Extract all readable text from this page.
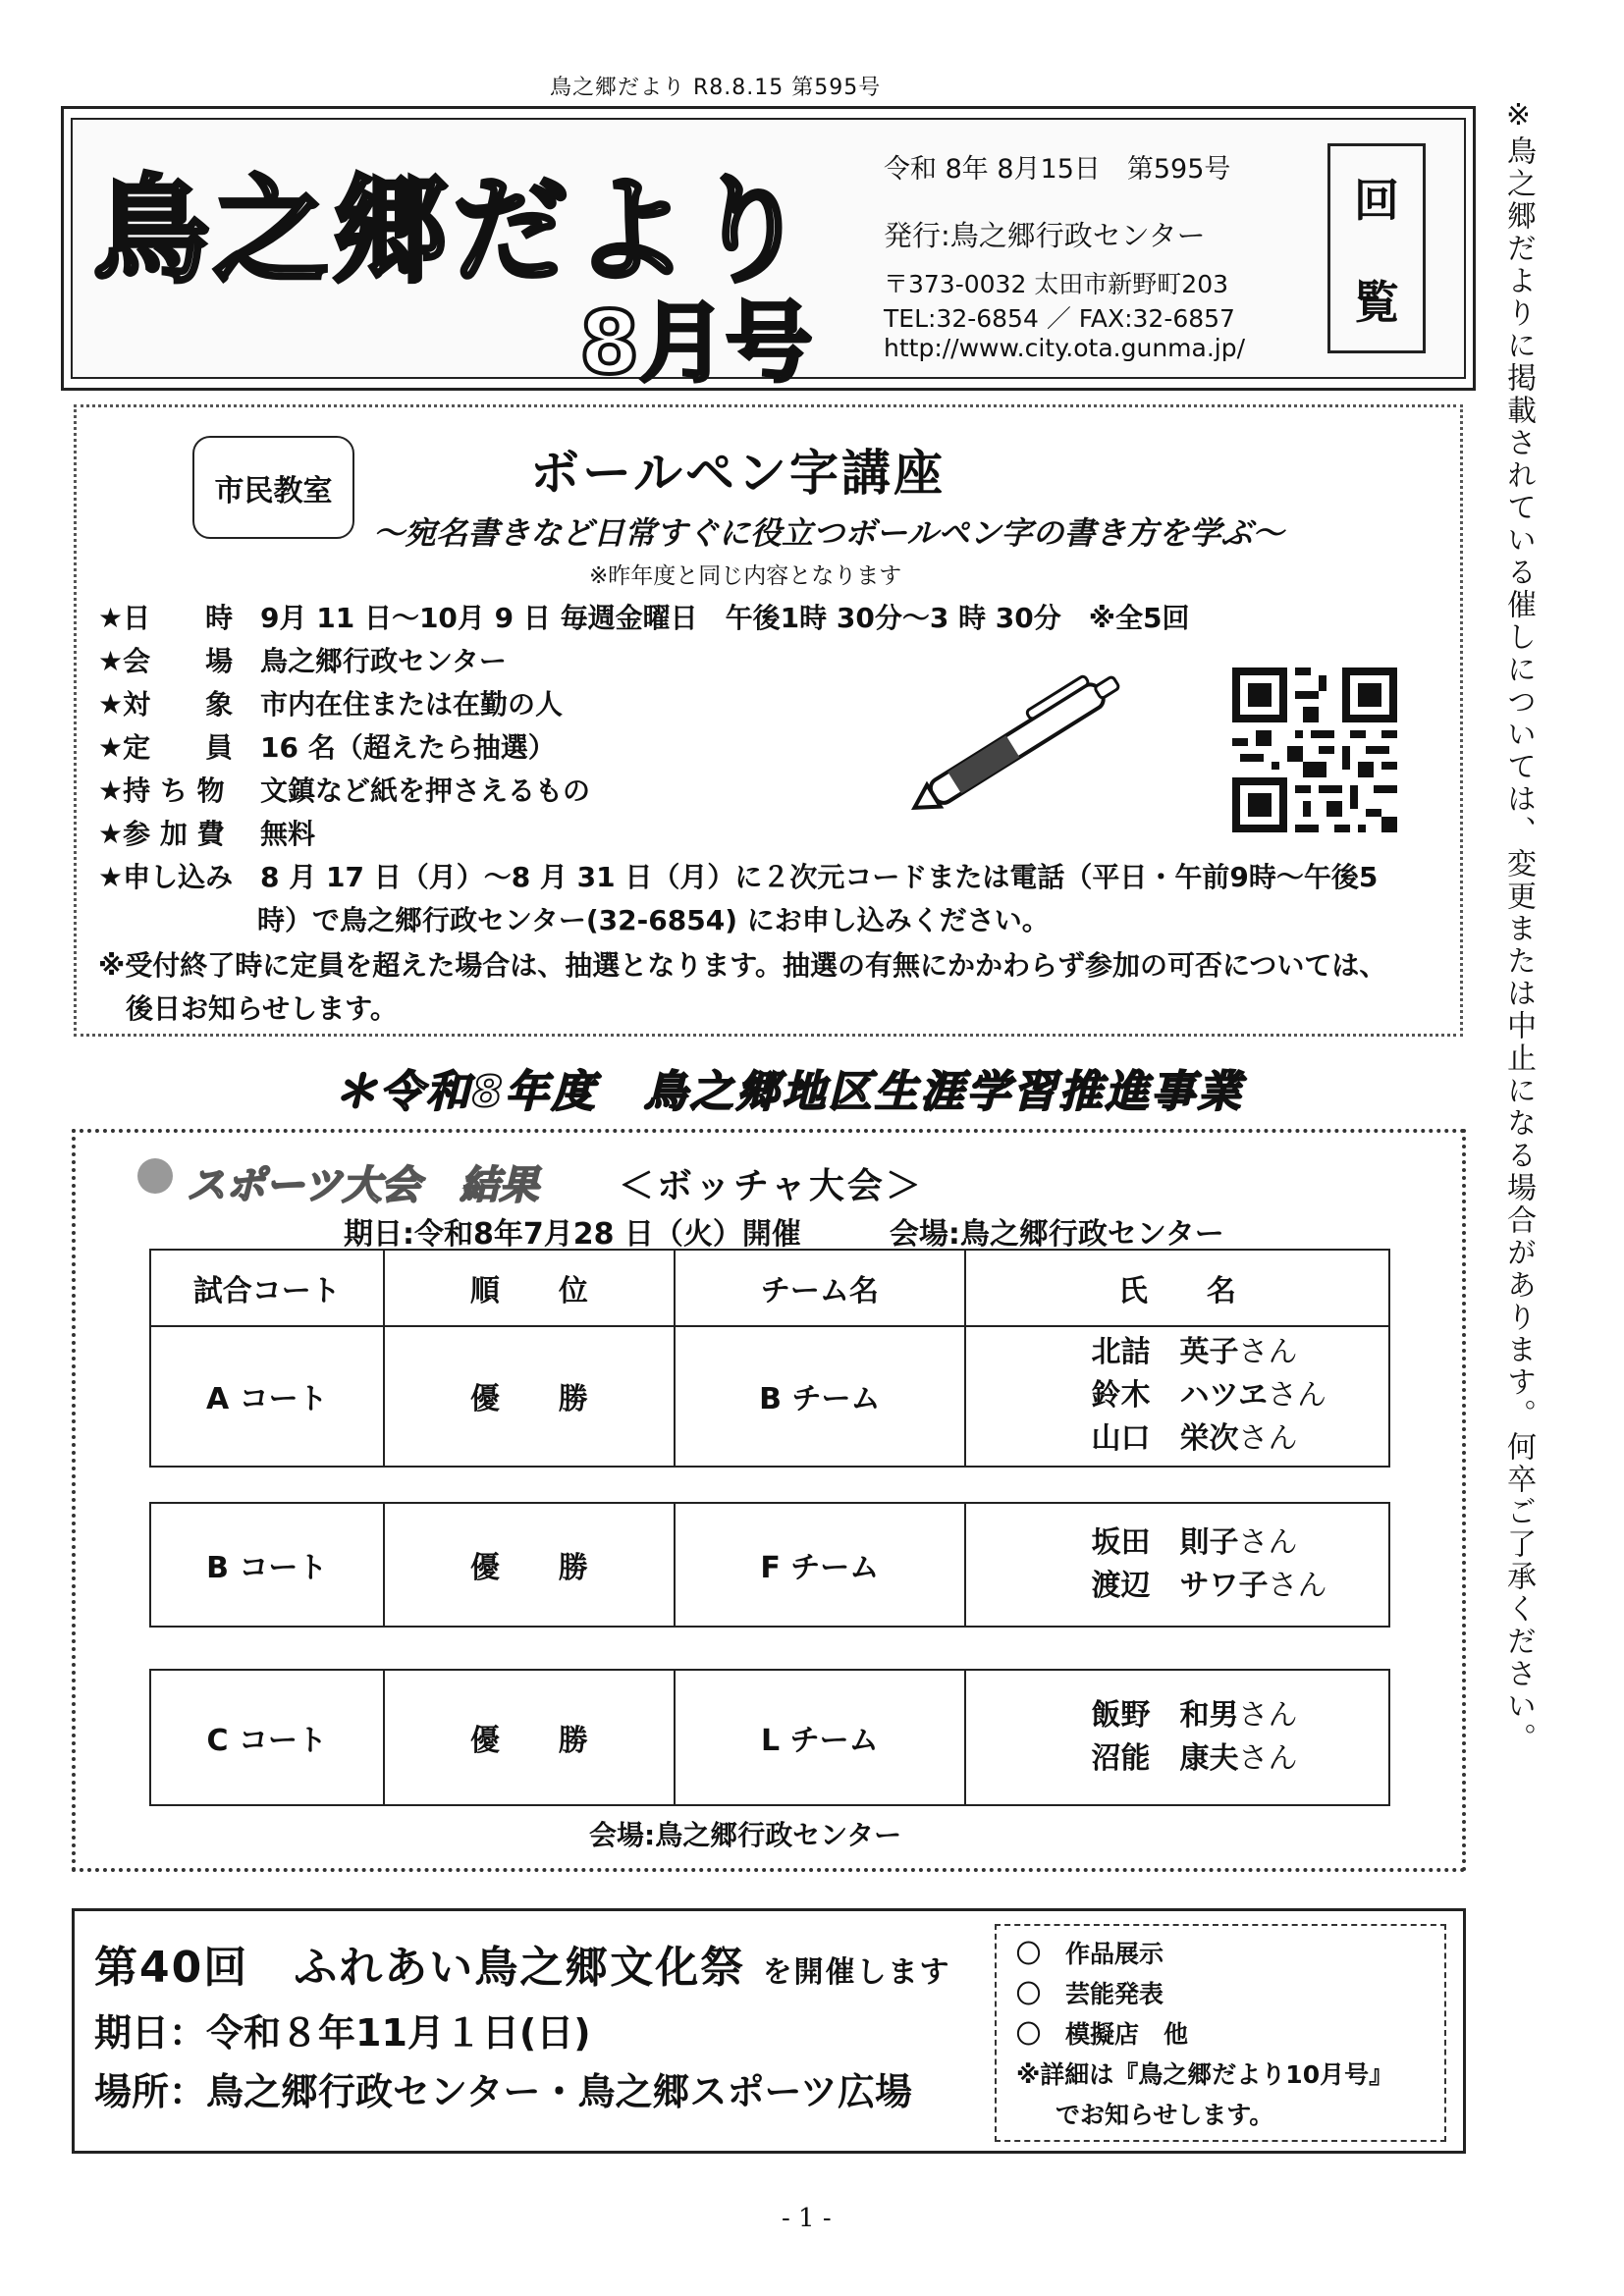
鳥之郷だより R8.8.15 第595号
鳥之郷だより
8月号
令和 8年 8月15日　第595号
発行:鳥之郷行政センター
〒373-0032 太田市新野町203
TEL:32-6854 ／ FAX:32-6857
http://www.city.ota.gunma.jp/
回
覧	※鳥之郷だよりに掲載されている催しについては、変更または中止になる場合があります。何卒ご了承ください。
市民教室	ボールペン字講座
～宛名書きなど日常すぐに役立つボールペン字の書き方を学ぶ～
※昨年度と同じ内容となります
★日　　時 9月 11 日～10月 9 日 毎週金曜日　午後1時 30分～3 時 30分　※全5回
★会　　場 鳥之郷行政センター
★対　　象 市内在住または在勤の人
★定　　員 16 名（超えたら抽選）
★持 ち 物 文鎮など紙を押さえるもの
★参 加 費 無料
★申し込み 8 月 17 日（月）～8 月 31 日（月）に２次元コードまたは電話（平日・午前9時～午後5
時）で鳥之郷行政センター(32-6854) にお申し込みください。
※受付終了時に定員を超えた場合は、抽選となります。抽選の有無にかかわらず参加の可否については、
後日お知らせします。
＊令和8年度　鳥之郷地区生涯学習推進事業
スポーツ大会　結果 ＜ボッチャ大会＞
期日:令和8年7月28 日（火）開催　　　会場:鳥之郷行政センター
試合コート	順　　位	チーム名	氏　　名
A コート	優　　勝	B チーム
北詰　英子さん
鈴木　ハツヱさん
山口　栄次さん
B コート	優　　勝	F チーム
坂田　則子さん
渡辺　サワ子さん
C コート	優　　勝	L チーム
飯野　和男さん
沼能　康夫さん
会場:鳥之郷行政センター
第40回　ふれあい鳥之郷文化祭 を開催します
期日：令和８年11月１日(日)
場所：鳥之郷行政センター・鳥之郷スポーツ広場
〇　作品展示
〇　芸能発表
〇　模擬店　他
※詳細は『鳥之郷だより10月号』
でお知らせします。
- 1 -
